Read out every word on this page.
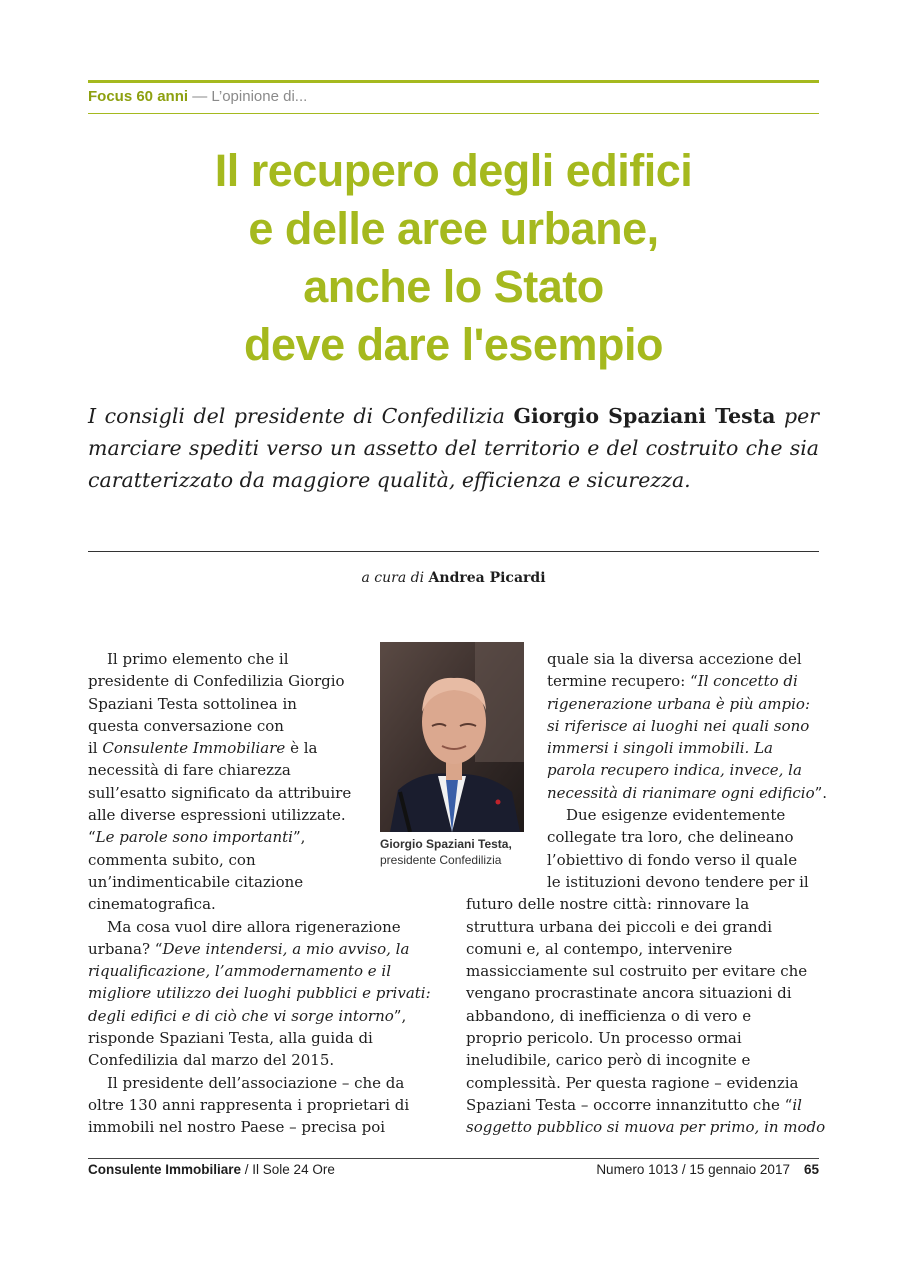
Focus 60 anni — L’opinione di...
Il recupero degli edifici
e delle aree urbane,
anche lo Stato
deve dare l'esempio

I consigli del presidente di Confedilizia Giorgio Spaziani Testa per marciare spediti verso un assetto del territorio e del costruito che sia caratterizzato da maggiore qualità, efficienza e sicurezza.

a cura di Andrea Picardi
Il primo elemento che il
presidente di Confedilizia Giorgio
Spaziani Testa sottolinea in
questa conversazione con
il Consulente Immobiliare è la
necessità di fare chiarezza
sull’esatto significato da attribuire
alle diverse espressioni utilizzate.
“Le parole sono importanti”,
commenta subito, con
un’indimenticabile citazione
cinematografica.
Ma cosa vuol dire allora rigenerazione
urbana? “Deve intendersi, a mio avviso, la
riqualificazione, l’ammodernamento e il
migliore utilizzo dei luoghi pubblici e privati:
degli edifici e di ciò che vi sorge intorno”,
risponde Spaziani Testa, alla guida di
Confedilizia dal marzo del 2015.
Il presidente dell’associazione – che da
oltre 130 anni rappresenta i proprietari di
immobili nel nostro Paese – precisa poi
Giorgio Spaziani Testa,
presidente Confedilizia
quale sia la diversa accezione del
termine recupero: “Il concetto di
rigenerazione urbana è più ampio:
si riferisce ai luoghi nei quali sono
immersi i singoli immobili. La
parola recupero indica, invece, la
necessità di rianimare ogni edificio”.
Due esigenze evidentemente
collegate tra loro, che delineano
l’obiettivo di fondo verso il quale
le istituzioni devono tendere per il
futuro delle nostre città: rinnovare la
struttura urbana dei piccoli e dei grandi
comuni e, al contempo, intervenire
massicciamente sul costruito per evitare che
vengano procrastinate ancora situazioni di
abbandono, di inefficienza o di vero e
proprio pericolo. Un processo ormai
ineludibile, carico però di incognite e
complessità. Per questa ragione – evidenzia
Spaziani Testa – occorre innanzitutto che “il
soggetto pubblico si muova per primo, in modo
Consulente Immobiliare / Il Sole 24 Ore	Numero 1013 / 15 gennaio 2017 65
